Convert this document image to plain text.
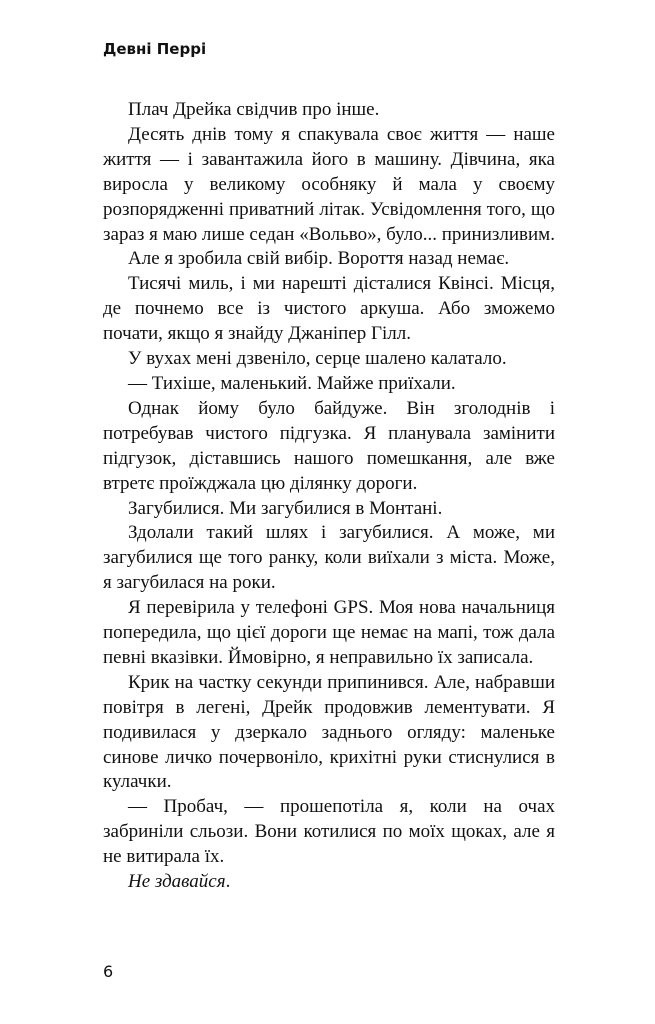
Девні Перрі

Плач Дрейка свідчив про інше.

Десять днів тому я спакувала своє життя — наше життя — і завантажила його в машину. Дівчина, яка виросла у великому особняку й мала у своєму розпорядженні приватний літак. Усвідомлення того, що зараз я маю лише седан «Вольво», було... принизливим.

Але я зробила свій вибір. Вороття назад немає.

Тисячі миль, і ми нарешті дісталися Квінсі. Місця, де почнемо все із чистого аркуша. Або зможемо почати, якщо я знайду Джаніпер Гілл.

У вухах мені дзвеніло, серце шалено калатало.

— Тихіше, маленький. Майже приїхали.

Однак йому було байдуже. Він зголоднів і потребував чистого підгузка. Я планувала замінити підгузок, діставшись нашого помешкання, але вже втретє проїжджала цю ділянку дороги.

Загубилися. Ми загубилися в Монтані.

Здолали такий шлях і загубилися. А може, ми загубилися ще того ранку, коли виїхали з міста. Може, я загубилася на роки.

Я перевірила у телефоні GPS. Моя нова начальниця попередила, що цієї дороги ще немає на мапі, тож дала певні вказівки. Ймовірно, я неправильно їх записала.

Крик на частку секунди припинився. Але, набравши повітря в легені, Дрейк продовжив лементувати. Я подивилася у дзеркало заднього огляду: маленьке синове личко почервоніло, крихітні руки стиснулися в кулачки.

— Пробач, — прошепотіла я, коли на очах забриніли сльози. Вони котилися по моїх щоках, але я не витирала їх.

Не здавайся.

6
